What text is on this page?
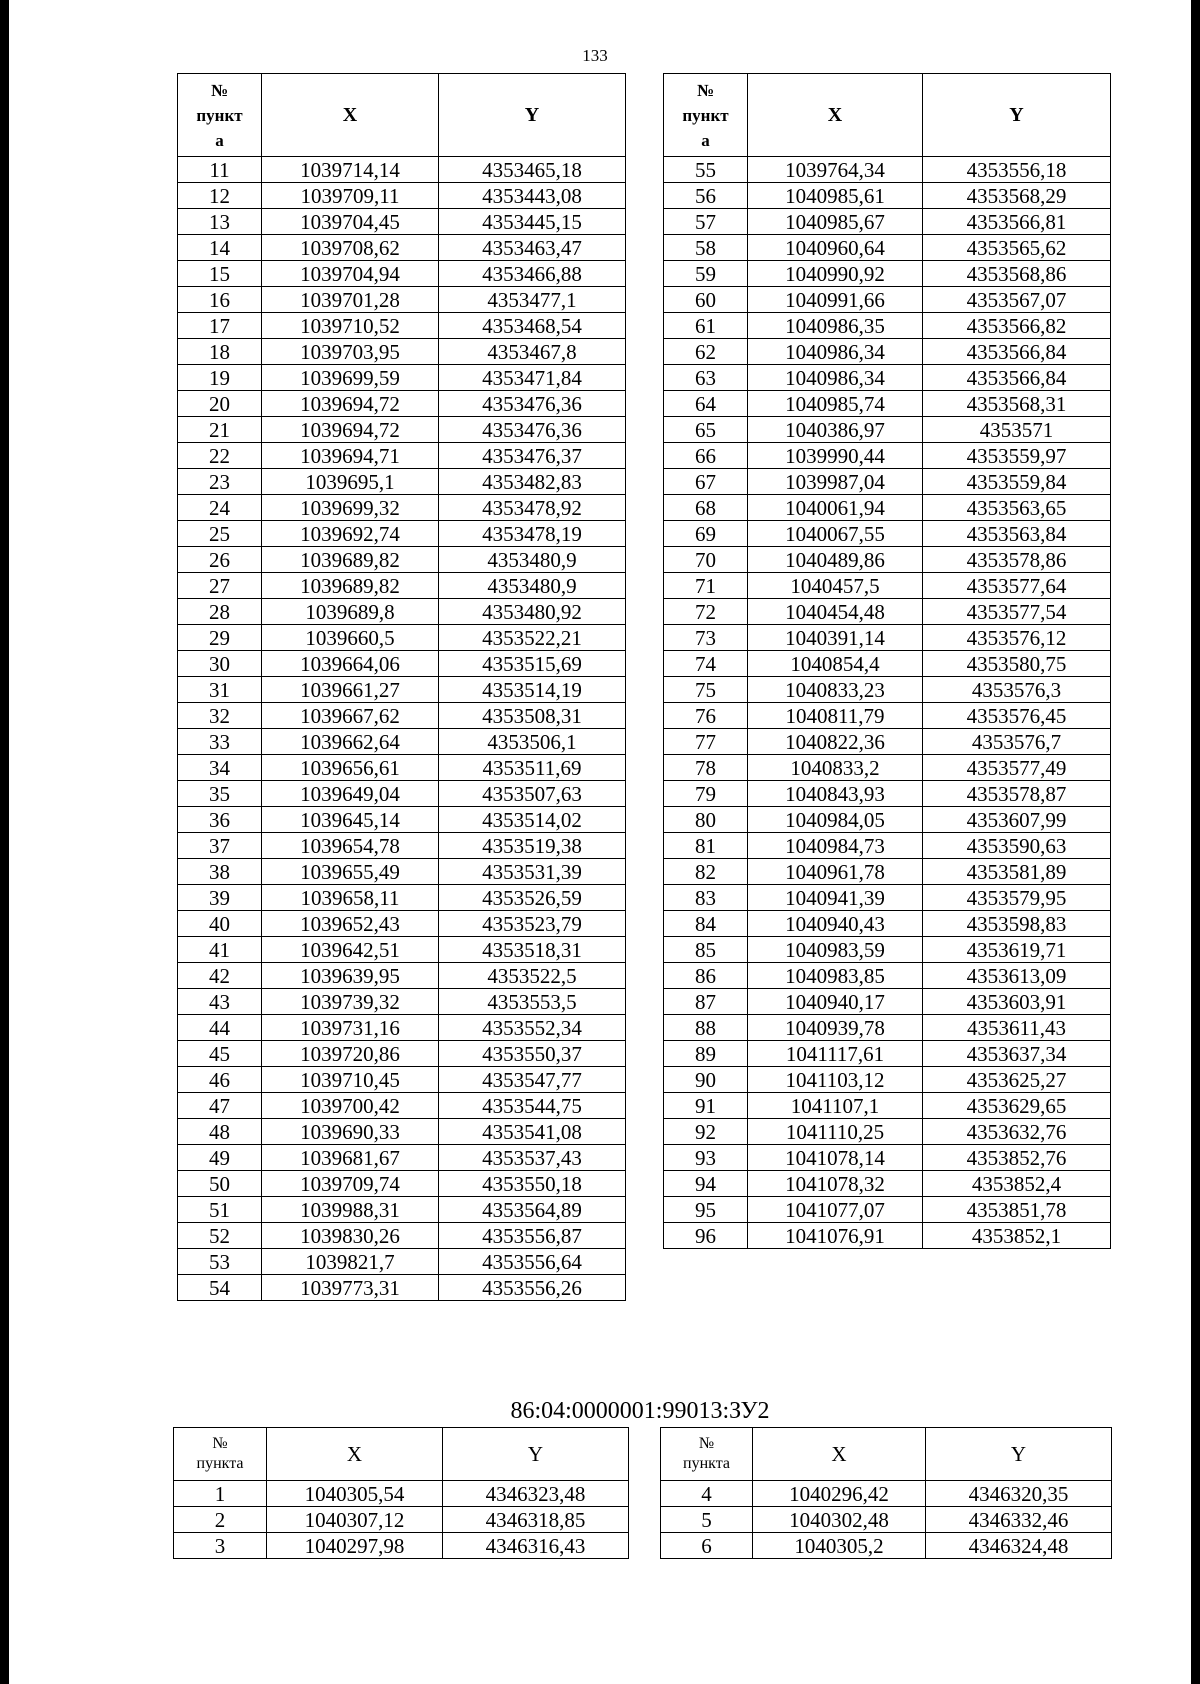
133
№
пункт
а	X	Y
11	1039714,14	4353465,18
12	1039709,11	4353443,08
13	1039704,45	4353445,15
14	1039708,62	4353463,47
15	1039704,94	4353466,88
16	1039701,28	4353477,1
17	1039710,52	4353468,54
18	1039703,95	4353467,8
19	1039699,59	4353471,84
20	1039694,72	4353476,36
21	1039694,72	4353476,36
22	1039694,71	4353476,37
23	1039695,1	4353482,83
24	1039699,32	4353478,92
25	1039692,74	4353478,19
26	1039689,82	4353480,9
27	1039689,82	4353480,9
28	1039689,8	4353480,92
29	1039660,5	4353522,21
30	1039664,06	4353515,69
31	1039661,27	4353514,19
32	1039667,62	4353508,31
33	1039662,64	4353506,1
34	1039656,61	4353511,69
35	1039649,04	4353507,63
36	1039645,14	4353514,02
37	1039654,78	4353519,38
38	1039655,49	4353531,39
39	1039658,11	4353526,59
40	1039652,43	4353523,79
41	1039642,51	4353518,31
42	1039639,95	4353522,5
43	1039739,32	4353553,5
44	1039731,16	4353552,34
45	1039720,86	4353550,37
46	1039710,45	4353547,77
47	1039700,42	4353544,75
48	1039690,33	4353541,08
49	1039681,67	4353537,43
50	1039709,74	4353550,18
51	1039988,31	4353564,89
52	1039830,26	4353556,87
53	1039821,7	4353556,64
54	1039773,31	4353556,26
№
пункт
а	X	Y
55	1039764,34	4353556,18
56	1040985,61	4353568,29
57	1040985,67	4353566,81
58	1040960,64	4353565,62
59	1040990,92	4353568,86
60	1040991,66	4353567,07
61	1040986,35	4353566,82
62	1040986,34	4353566,84
63	1040986,34	4353566,84
64	1040985,74	4353568,31
65	1040386,97	4353571
66	1039990,44	4353559,97
67	1039987,04	4353559,84
68	1040061,94	4353563,65
69	1040067,55	4353563,84
70	1040489,86	4353578,86
71	1040457,5	4353577,64
72	1040454,48	4353577,54
73	1040391,14	4353576,12
74	1040854,4	4353580,75
75	1040833,23	4353576,3
76	1040811,79	4353576,45
77	1040822,36	4353576,7
78	1040833,2	4353577,49
79	1040843,93	4353578,87
80	1040984,05	4353607,99
81	1040984,73	4353590,63
82	1040961,78	4353581,89
83	1040941,39	4353579,95
84	1040940,43	4353598,83
85	1040983,59	4353619,71
86	1040983,85	4353613,09
87	1040940,17	4353603,91
88	1040939,78	4353611,43
89	1041117,61	4353637,34
90	1041103,12	4353625,27
91	1041107,1	4353629,65
92	1041110,25	4353632,76
93	1041078,14	4353852,76
94	1041078,32	4353852,4
95	1041077,07	4353851,78
96	1041076,91	4353852,1
86:04:0000001:99013:ЗУ2
№
пункта	X	Y
1	1040305,54	4346323,48
2	1040307,12	4346318,85
3	1040297,98	4346316,43
№
пункта	X	Y
4	1040296,42	4346320,35
5	1040302,48	4346332,46
6	1040305,2	4346324,48
